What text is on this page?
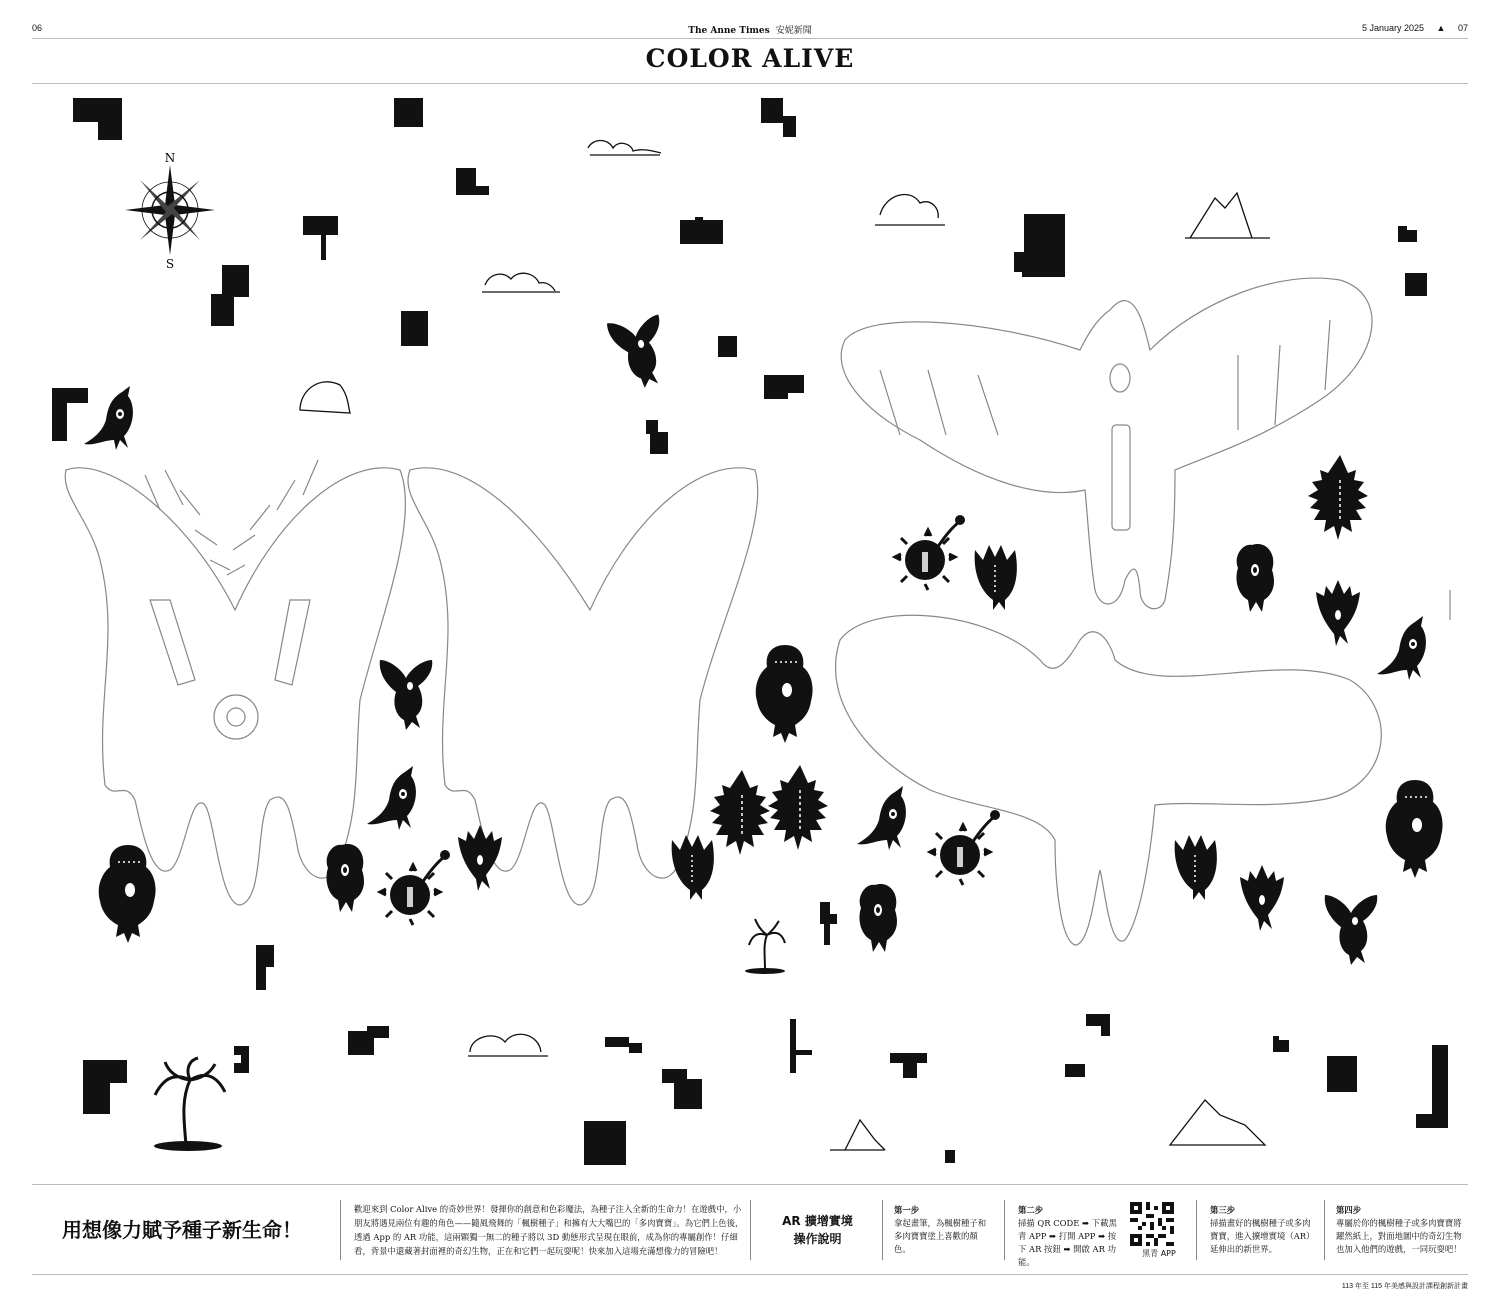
06	The Anne Times 安妮新聞	5 January 2025 ▲ 07
COLOR ALIVE
N
S
用想像力賦予種子新生命！
歡迎來到 Color Alive 的奇妙世界！發揮你的創意和色彩魔法，為種子注入全新的生命力！在遊戲中，小朋友將遇見兩位有趣的角色——隨風飛舞的「楓樹種子」和擁有大大嘴巴的「多肉寶寶」。為它們上色後，透過 App 的 AR 功能，這兩顆獨一無二的種子將以 3D 動態形式呈現在眼前，成為你的專屬創作！仔細看，背景中還藏著封面裡的奇幻生物，正在和它們一起玩耍呢！快來加入這場充滿想像力的冒險吧！
AR 擴增實境
操作說明
第一步
拿起畫筆，為楓樹種子和多肉寶寶塗上喜歡的顏色。
第二步
掃描 QR CODE ➡ 下載黑青 APP ➡ 打開 APP ➡ 按下 AR 按鈕 ➡ 開啟 AR 功能。
黑青 APP
第三步
掃描畫好的楓樹種子或多肉寶寶，進入擴增實境（AR）延伸出的新世界。
第四步
專屬於你的楓樹種子或多肉寶寶將躍然紙上，對面地圖中的奇幻生物也加入他們的遊戲，一同玩耍吧！
113 年至 115 年美感與設計課程創新計畫
